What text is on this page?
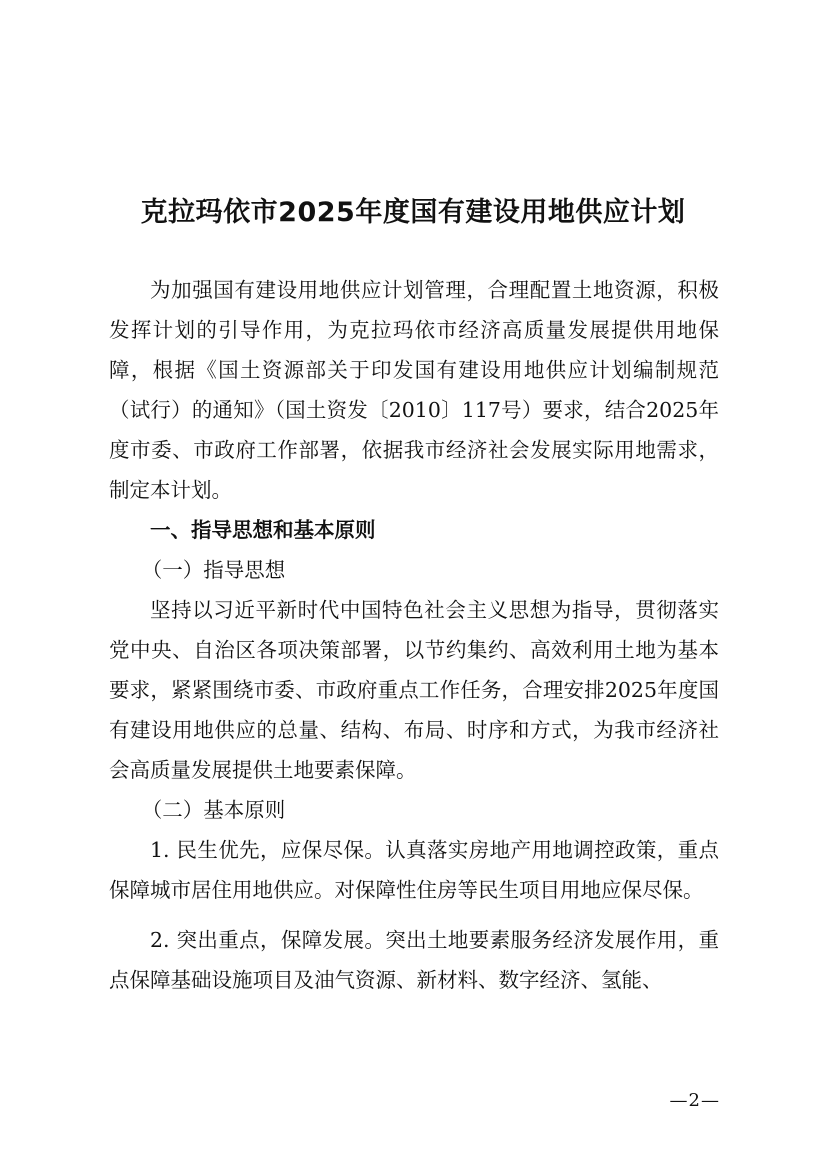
克拉玛依市2025年度国有建设用地供应计划

为加强国有建设用地供应计划管理，合理配置土地资源，积极发挥计划的引导作用，为克拉玛依市经济高质量发展提供用地保障，根据《国土资源部关于印发国有建设用地供应计划编制规范（试行）的通知》（国土资发〔2010〕117号）要求，结合2025年度市委、市政府工作部署，依据我市经济社会发展实际用地需求，制定本计划。

一、指导思想和基本原则

（一）指导思想

坚持以习近平新时代中国特色社会主义思想为指导，贯彻落实党中央、自治区各项决策部署，以节约集约、高效利用土地为基本要求，紧紧围绕市委、市政府重点工作任务，合理安排2025年度国有建设用地供应的总量、结构、布局、时序和方式，为我市经济社会高质量发展提供土地要素保障。

（二）基本原则

1. 民生优先，应保尽保。认真落实房地产用地调控政策，重点保障城市居住用地供应。对保障性住房等民生项目用地应保尽保。

2. 突出重点，保障发展。突出土地要素服务经济发展作用，重点保障基础设施项目及油气资源、新材料、数字经济、氢能、

—2—
